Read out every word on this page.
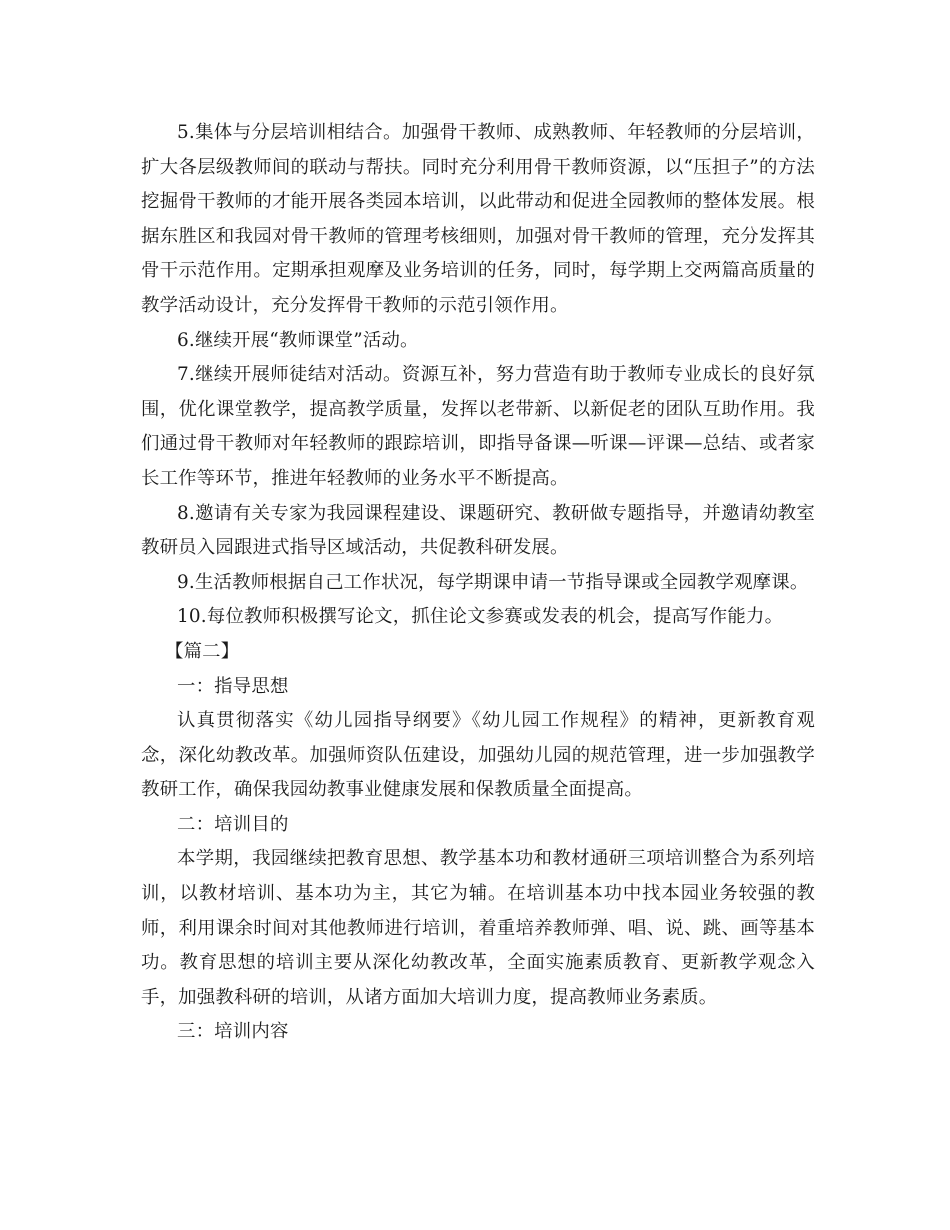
5.集体与分层培训相结合。加强骨干教师、成熟教师、年轻教师的分层培训，扩大各层级教师间的联动与帮扶。同时充分利用骨干教师资源，以“压担子”的方法挖掘骨干教师的才能开展各类园本培训，以此带动和促进全园教师的整体发展。根据东胜区和我园对骨干教师的管理考核细则，加强对骨干教师的管理，充分发挥其骨干示范作用。定期承担观摩及业务培训的任务，同时，每学期上交两篇高质量的教学活动设计，充分发挥骨干教师的示范引领作用。

6.继续开展“教师课堂”活动。

7.继续开展师徒结对活动。资源互补，努力营造有助于教师专业成长的良好氛围，优化课堂教学，提高教学质量，发挥以老带新、以新促老的团队互助作用。我们通过骨干教师对年轻教师的跟踪培训，即指导备课—听课—评课—总结、或者家长工作等环节，推进年轻教师的业务水平不断提高。

8.邀请有关专家为我园课程建设、课题研究、教研做专题指导，并邀请幼教室教研员入园跟进式指导区域活动，共促教科研发展。

9.生活教师根据自己工作状况，每学期课申请一节指导课或全园教学观摩课。

10.每位教师积极撰写论文，抓住论文参赛或发表的机会，提高写作能力。

【篇二】

一：指导思想

认真贯彻落实《幼儿园指导纲要》《幼儿园工作规程》的精神，更新教育观念，深化幼教改革。加强师资队伍建设，加强幼儿园的规范管理，进一步加强教学教研工作，确保我园幼教事业健康发展和保教质量全面提高。

二：培训目的

本学期，我园继续把教育思想、教学基本功和教材通研三项培训整合为系列培训，以教材培训、基本功为主，其它为辅。在培训基本功中找本园业务较强的教师，利用课余时间对其他教师进行培训，着重培养教师弹、唱、说、跳、画等基本功。教育思想的培训主要从深化幼教改革，全面实施素质教育、更新教学观念入手，加强教科研的培训，从诸方面加大培训力度，提高教师业务素质。

三：培训内容
